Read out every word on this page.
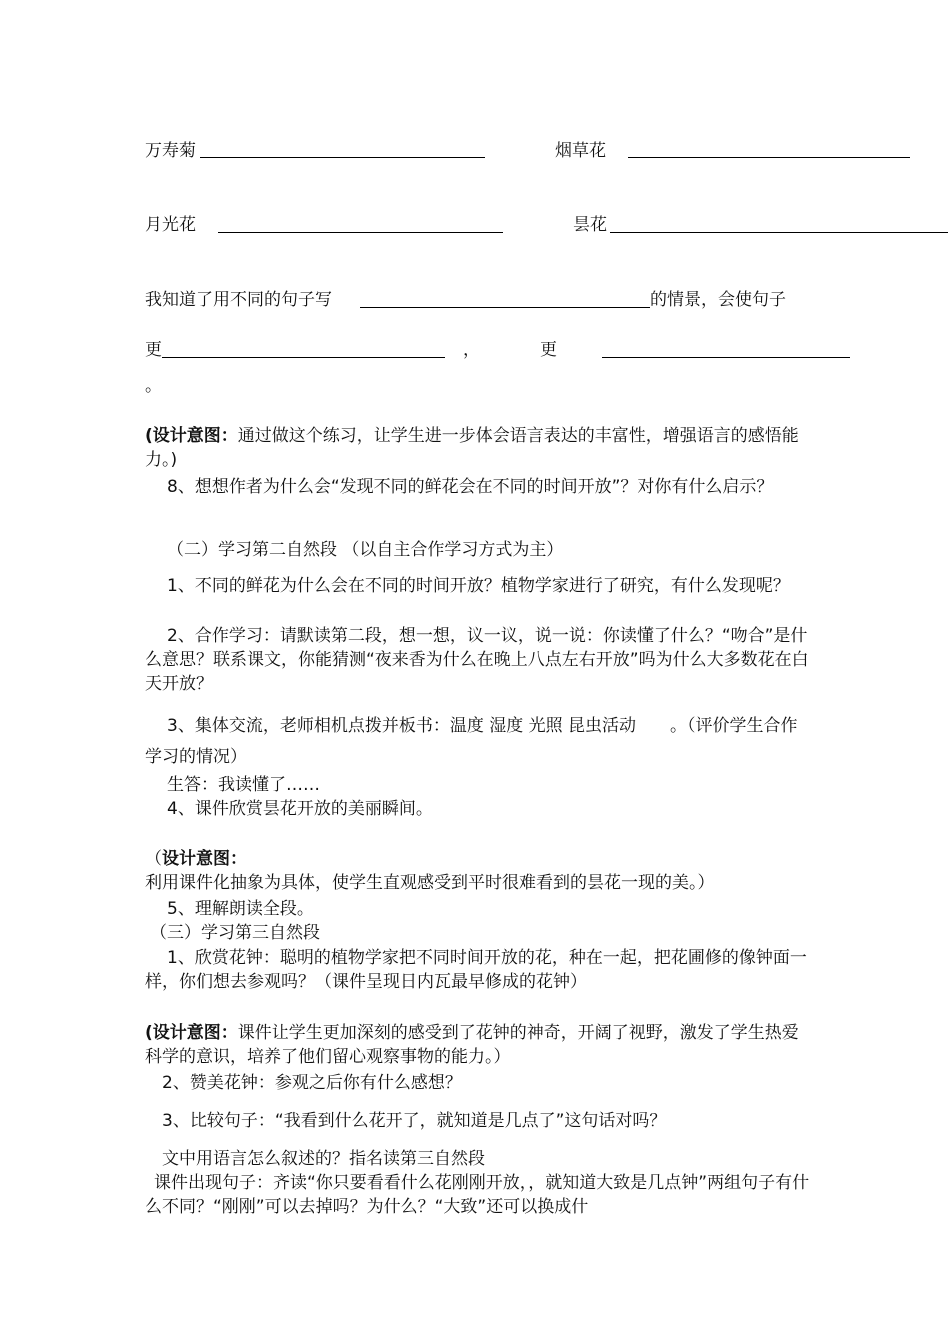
万寿菊	烟草花
月光花	昙花
我知道了用不同的句子写	的情景，会使句子
更	，	更
。
(设计意图：通过做这个练习，让学生进一步体会语言表达的丰富性，增强语言的感悟能力。)
8、想想作者为什么会“发现不同的鲜花会在不同的时间开放”？对你有什么启示？
（二）学习第二自然段 （以自主合作学习方式为主）
1、不同的鲜花为什么会在不同的时间开放？植物学家进行了研究，有什么发现呢？
2、合作学习：请默读第二段，想一想，议一议，说一说：你读懂了什么？“吻合”是什么意思？联系课文，你能猜测“夜来香为什么在晚上八点左右开放”吗为什么大多数花在白天开放？
3、集体交流，老师相机点拨并板书：温度 湿度 光照 昆虫活动　　。（评价学生合作学习的情况）
生答：我读懂了……
4、课件欣赏昙花开放的美丽瞬间。
（设计意图：利用课件化抽象为具体，使学生直观感受到平时很难看到的昙花一现的美。）
5、理解朗读全段。
（三）学习第三自然段
1、欣赏花钟：聪明的植物学家把不同时间开放的花，种在一起，把花圃修的像钟面一样，你们想去参观吗？（课件呈现日内瓦最早修成的花钟）
(设计意图：课件让学生更加深刻的感受到了花钟的神奇，开阔了视野，激发了学生热爱科学的意识，培养了他们留心观察事物的能力。）
2、赞美花钟：参观之后你有什么感想？
3、比较句子：“我看到什么花开了，就知道是几点了”这句话对吗？
文中用语言怎么叙述的？指名读第三自然段
课件出现句子：齐读“你只要看看什么花刚刚开放，，就知道大致是几点钟”两组句子有什么不同？“刚刚”可以去掉吗？为什么？“大致”还可以换成什
